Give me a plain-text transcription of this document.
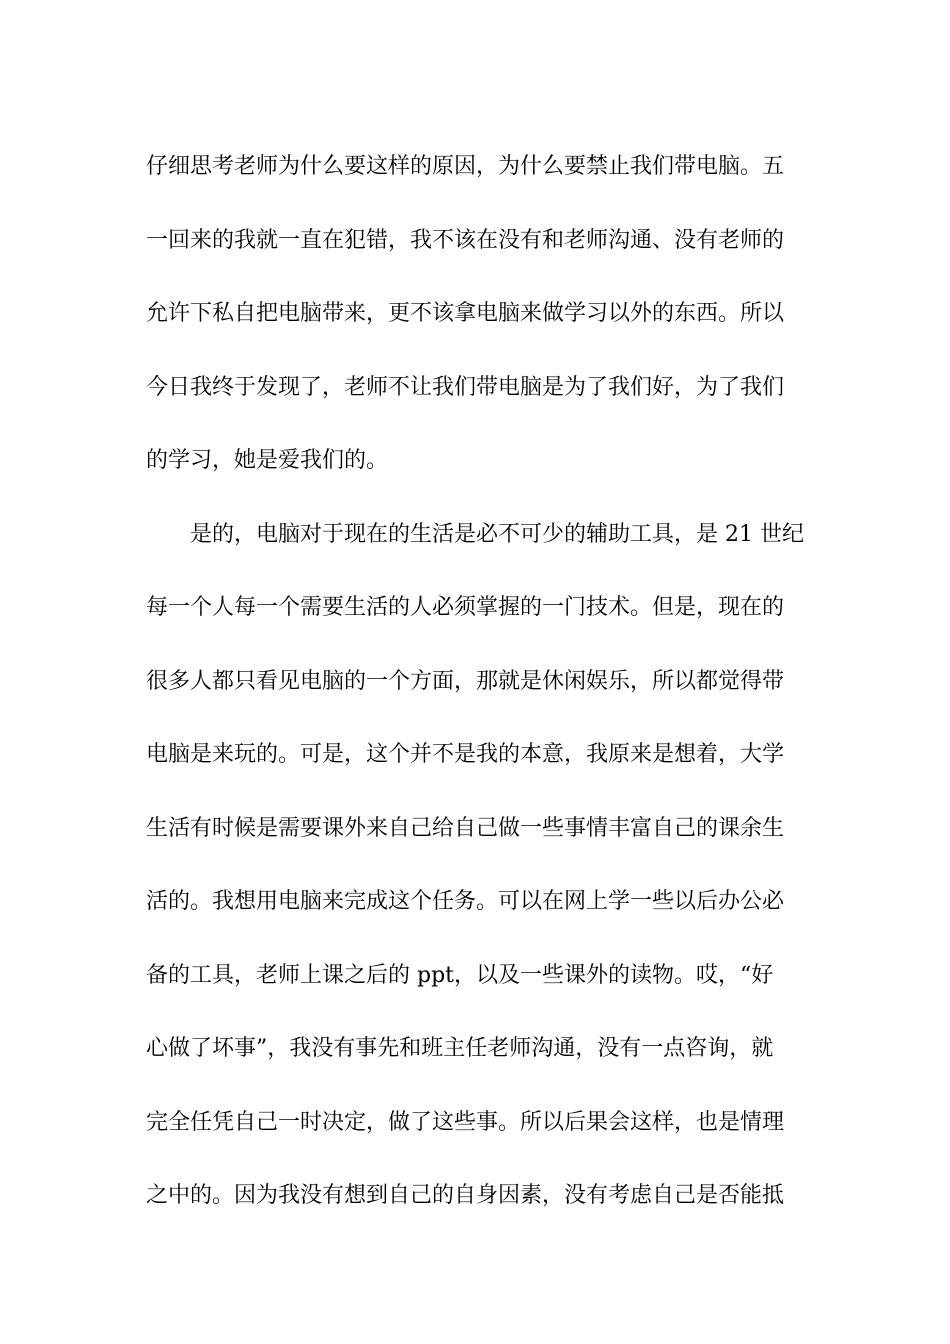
仔细思考老师为什么要这样的原因，为什么要禁止我们带电脑。五
一回来的我就一直在犯错，我不该在没有和老师沟通、没有老师的
允许下私自把电脑带来，更不该拿电脑来做学习以外的东西。所以
今日我终于发现了，老师不让我们带电脑是为了我们好，为了我们
的学习，她是爱我们的。
是的，电脑对于现在的生活是必不可少的辅助工具，是 21 世纪
每一个人每一个需要生活的人必须掌握的一门技术。但是，现在的
很多人都只看见电脑的一个方面，那就是休闲娱乐，所以都觉得带
电脑是来玩的。可是，这个并不是我的本意，我原来是想着，大学
生活有时候是需要课外来自己给自己做一些事情丰富自己的课余生
活的。我想用电脑来完成这个任务。可以在网上学一些以后办公必
备的工具，老师上课之后的 ppt，以及一些课外的读物。哎，“好
心做了坏事”，我没有事先和班主任老师沟通，没有一点咨询，就
完全任凭自己一时决定，做了这些事。所以后果会这样，也是情理
之中的。因为我没有想到自己的自身因素，没有考虑自己是否能抵
